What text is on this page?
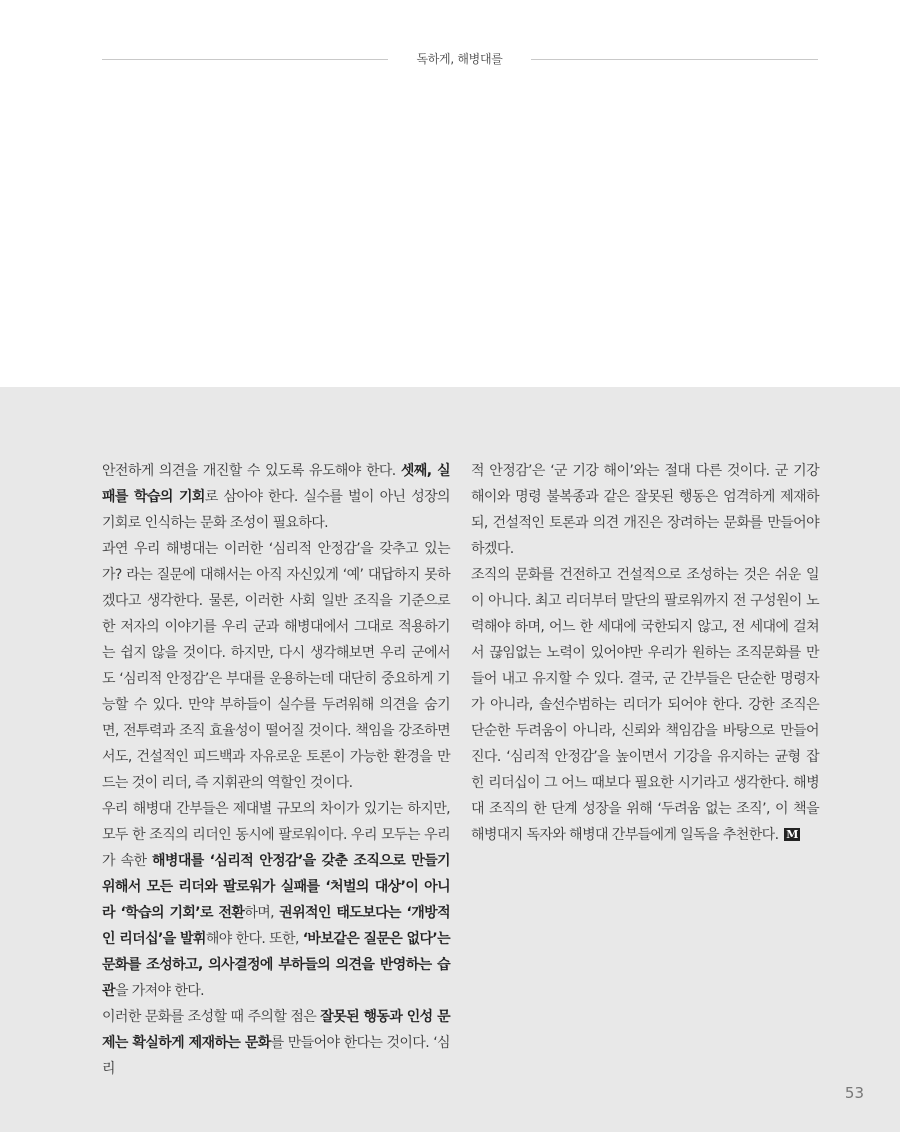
독하게, 해병대를

안전하게 의견을 개진할 수 있도록 유도해야 한다. 셋째, 실패를 학습의 기회로 삼아야 한다. 실수를 벌이 아닌 성장의 기회로 인식하는 문화 조성이 필요하다.

과연 우리 해병대는 이러한 ‘심리적 안정감’을 갖추고 있는가? 라는 질문에 대해서는 아직 자신있게 ‘예’ 대답하지 못하겠다고 생각한다. 물론, 이러한 사회 일반 조직을 기준으로 한 저자의 이야기를 우리 군과 해병대에서 그대로 적용하기는 쉽지 않을 것이다. 하지만, 다시 생각해보면 우리 군에서도 ‘심리적 안정감’은 부대를 운용하는데 대단히 중요하게 기능할 수 있다. 만약 부하들이 실수를 두려워해 의견을 숨기면, 전투력과 조직 효율성이 떨어질 것이다. 책임을 강조하면서도, 건설적인 피드백과 자유로운 토론이 가능한 환경을 만드는 것이 리더, 즉 지휘관의 역할인 것이다.

우리 해병대 간부들은 제대별 규모의 차이가 있기는 하지만, 모두 한 조직의 리더인 동시에 팔로워이다. 우리 모두는 우리가 속한 해병대를 ‘심리적 안정감’을 갖춘 조직으로 만들기 위해서 모든 리더와 팔로워가 실패를 ‘처벌의 대상’이 아니라 ‘학습의 기회’로 전환하며, 권위적인 태도보다는 ‘개방적인 리더십’을 발휘해야 한다. 또한, ‘바보같은 질문은 없다’는 문화를 조성하고, 의사결정에 부하들의 의견을 반영하는 습관을 가져야 한다.

이러한 문화를 조성할 때 주의할 점은 잘못된 행동과 인성 문제는 확실하게 제재하는 문화를 만들어야 한다는 것이다. ‘심리

적 안정감’은 ‘군 기강 해이’와는 절대 다른 것이다. 군 기강 해이와 명령 불복종과 같은 잘못된 행동은 엄격하게 제재하되, 건설적인 토론과 의견 개진은 장려하는 문화를 만들어야 하겠다.

조직의 문화를 건전하고 건설적으로 조성하는 것은 쉬운 일이 아니다. 최고 리더부터 말단의 팔로워까지 전 구성원이 노력해야 하며, 어느 한 세대에 국한되지 않고, 전 세대에 걸쳐서 끊임없는 노력이 있어야만 우리가 원하는 조직문화를 만들어 내고 유지할 수 있다. 결국, 군 간부들은 단순한 명령자가 아니라, 솔선수범하는 리더가 되어야 한다. 강한 조직은 단순한 두려움이 아니라, 신뢰와 책임감을 바탕으로 만들어 진다. ‘심리적 안정감’을 높이면서 기강을 유지하는 균형 잡힌 리더십이 그 어느 때보다 필요한 시기라고 생각한다. 해병대 조직의 한 단계 성장을 위해 ‘두려움 없는 조직’, 이 책을 해병대지 독자와 해병대 간부들에게 일독을 추천한다. M

53
